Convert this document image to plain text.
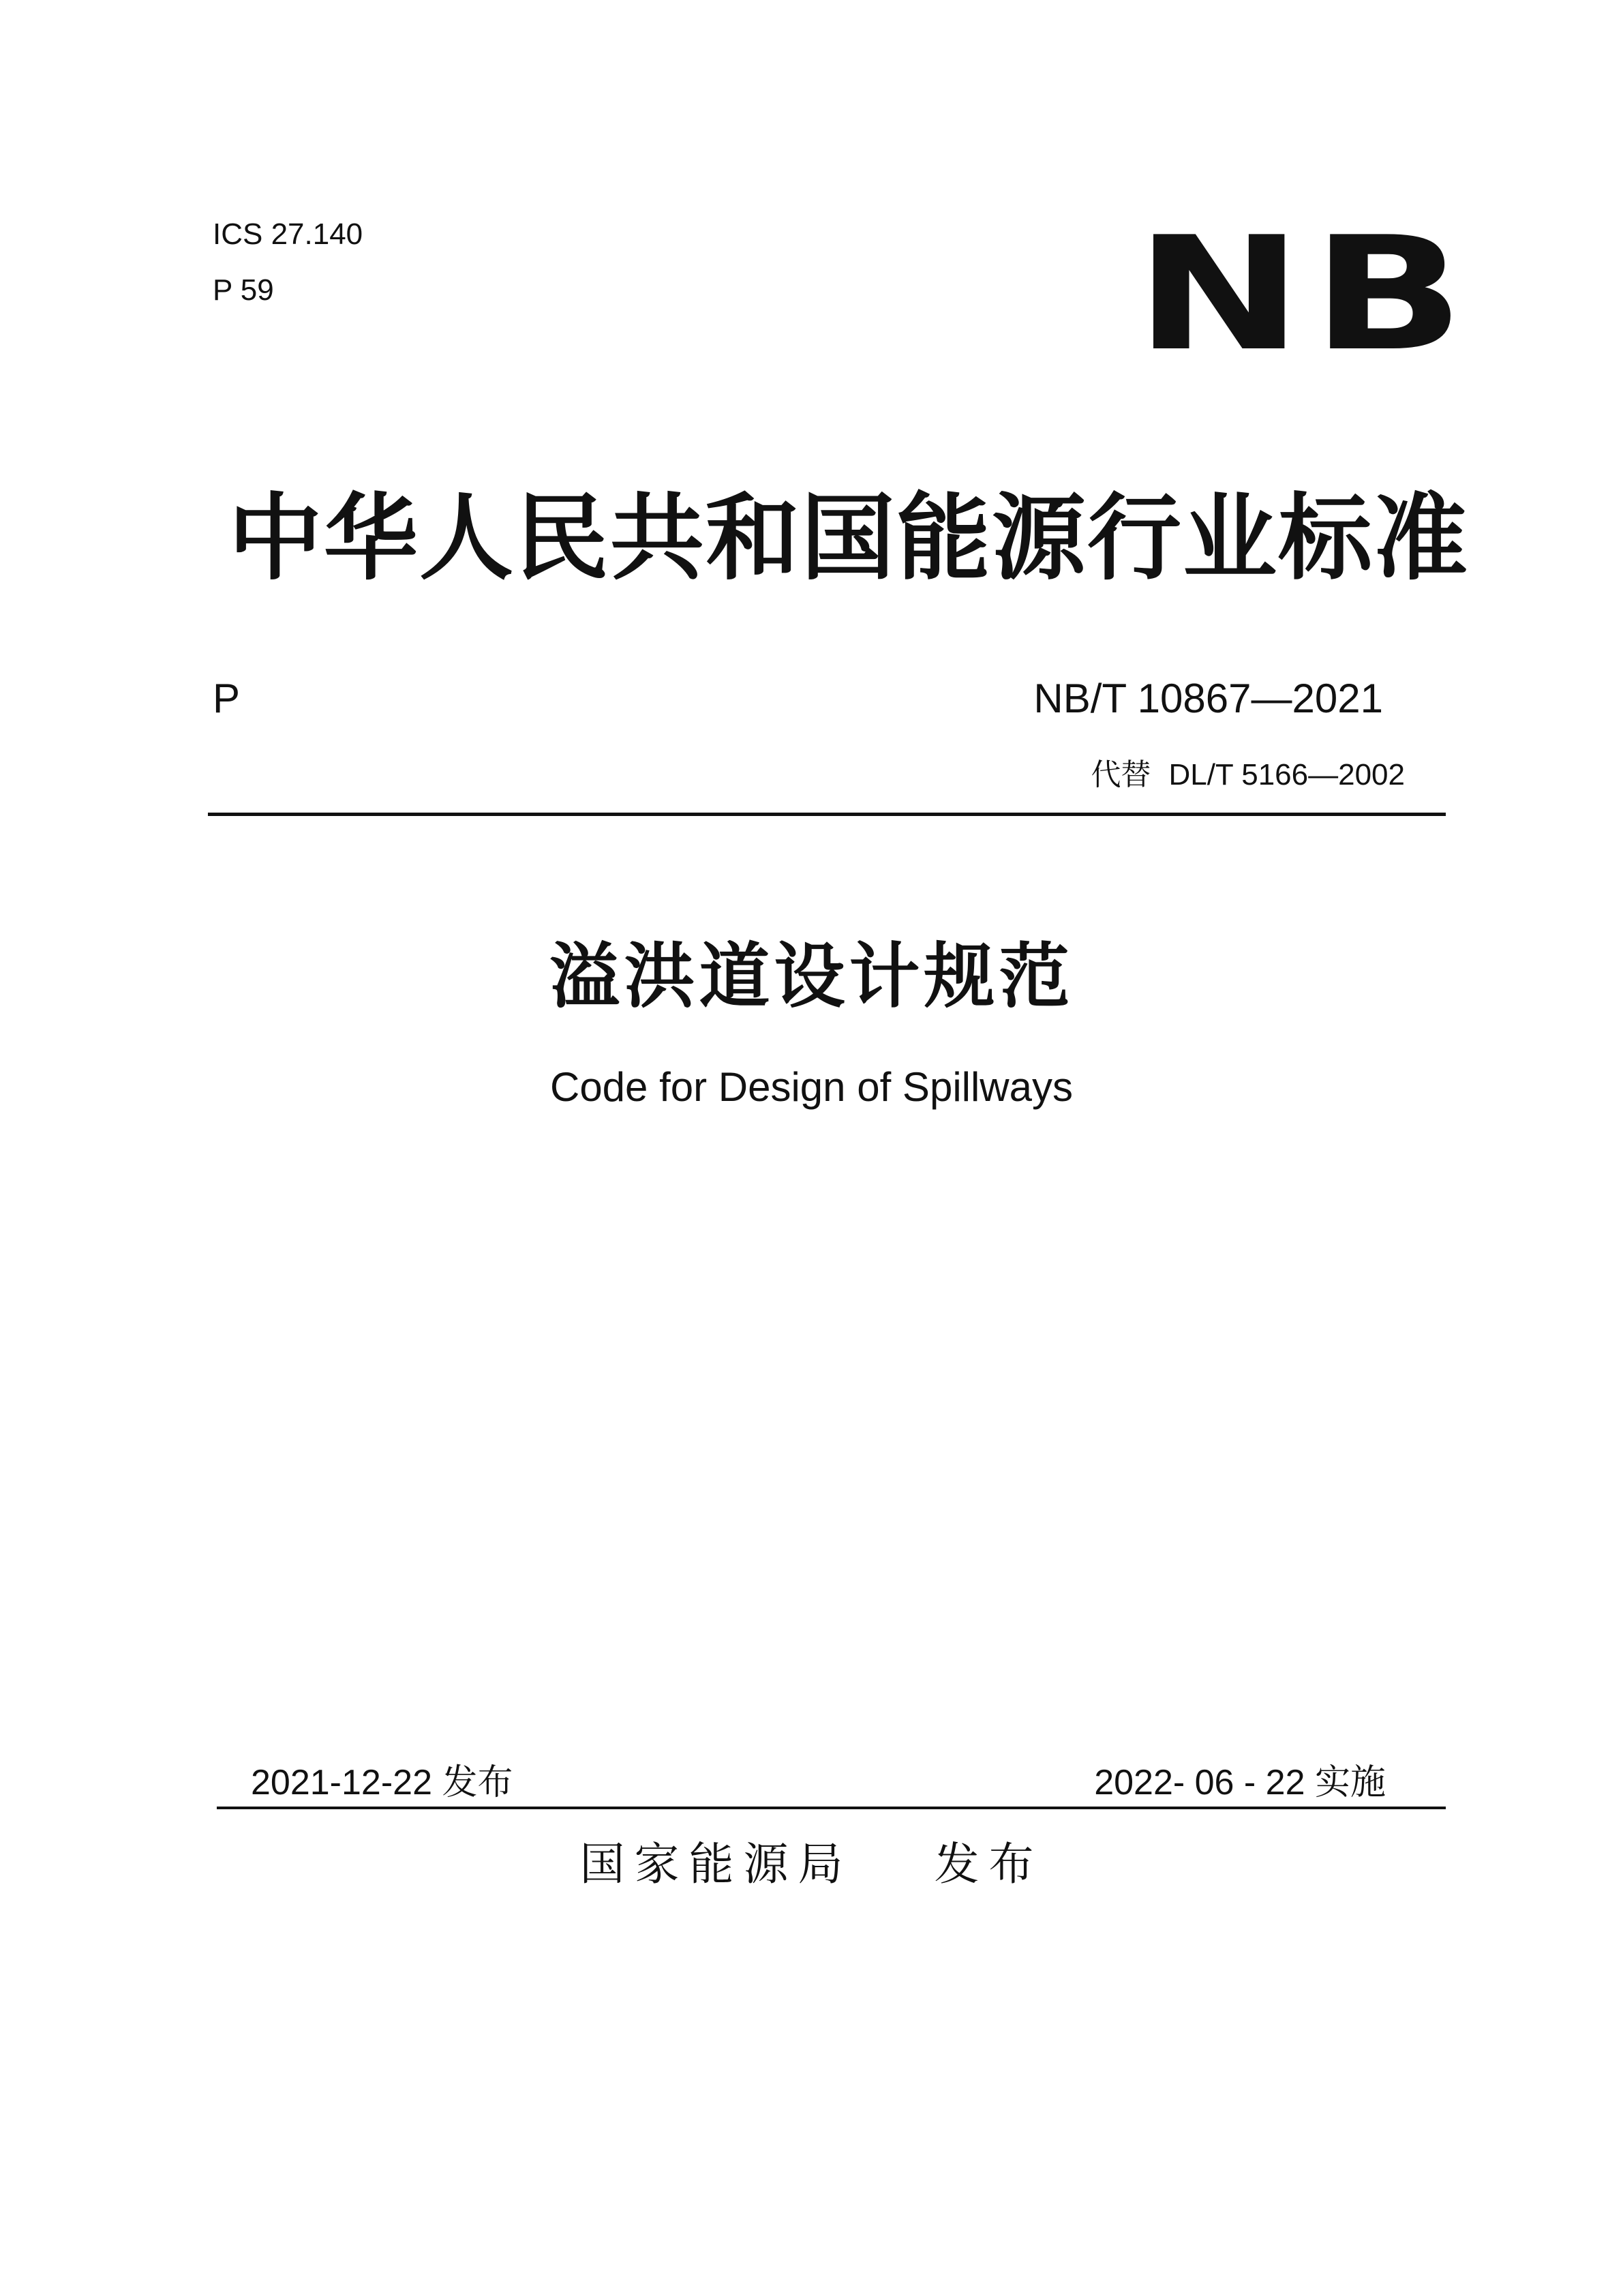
ICS 27.140
P 59	NB
中华人民共和国能源行业标准
P	NB/T 10867—2021
代替 DL/T 5166—2002
溢洪道设计规范
Code for Design of Spillways
2021-12-22 发布	2022- 06 - 22 实施
国家能源局 发布
